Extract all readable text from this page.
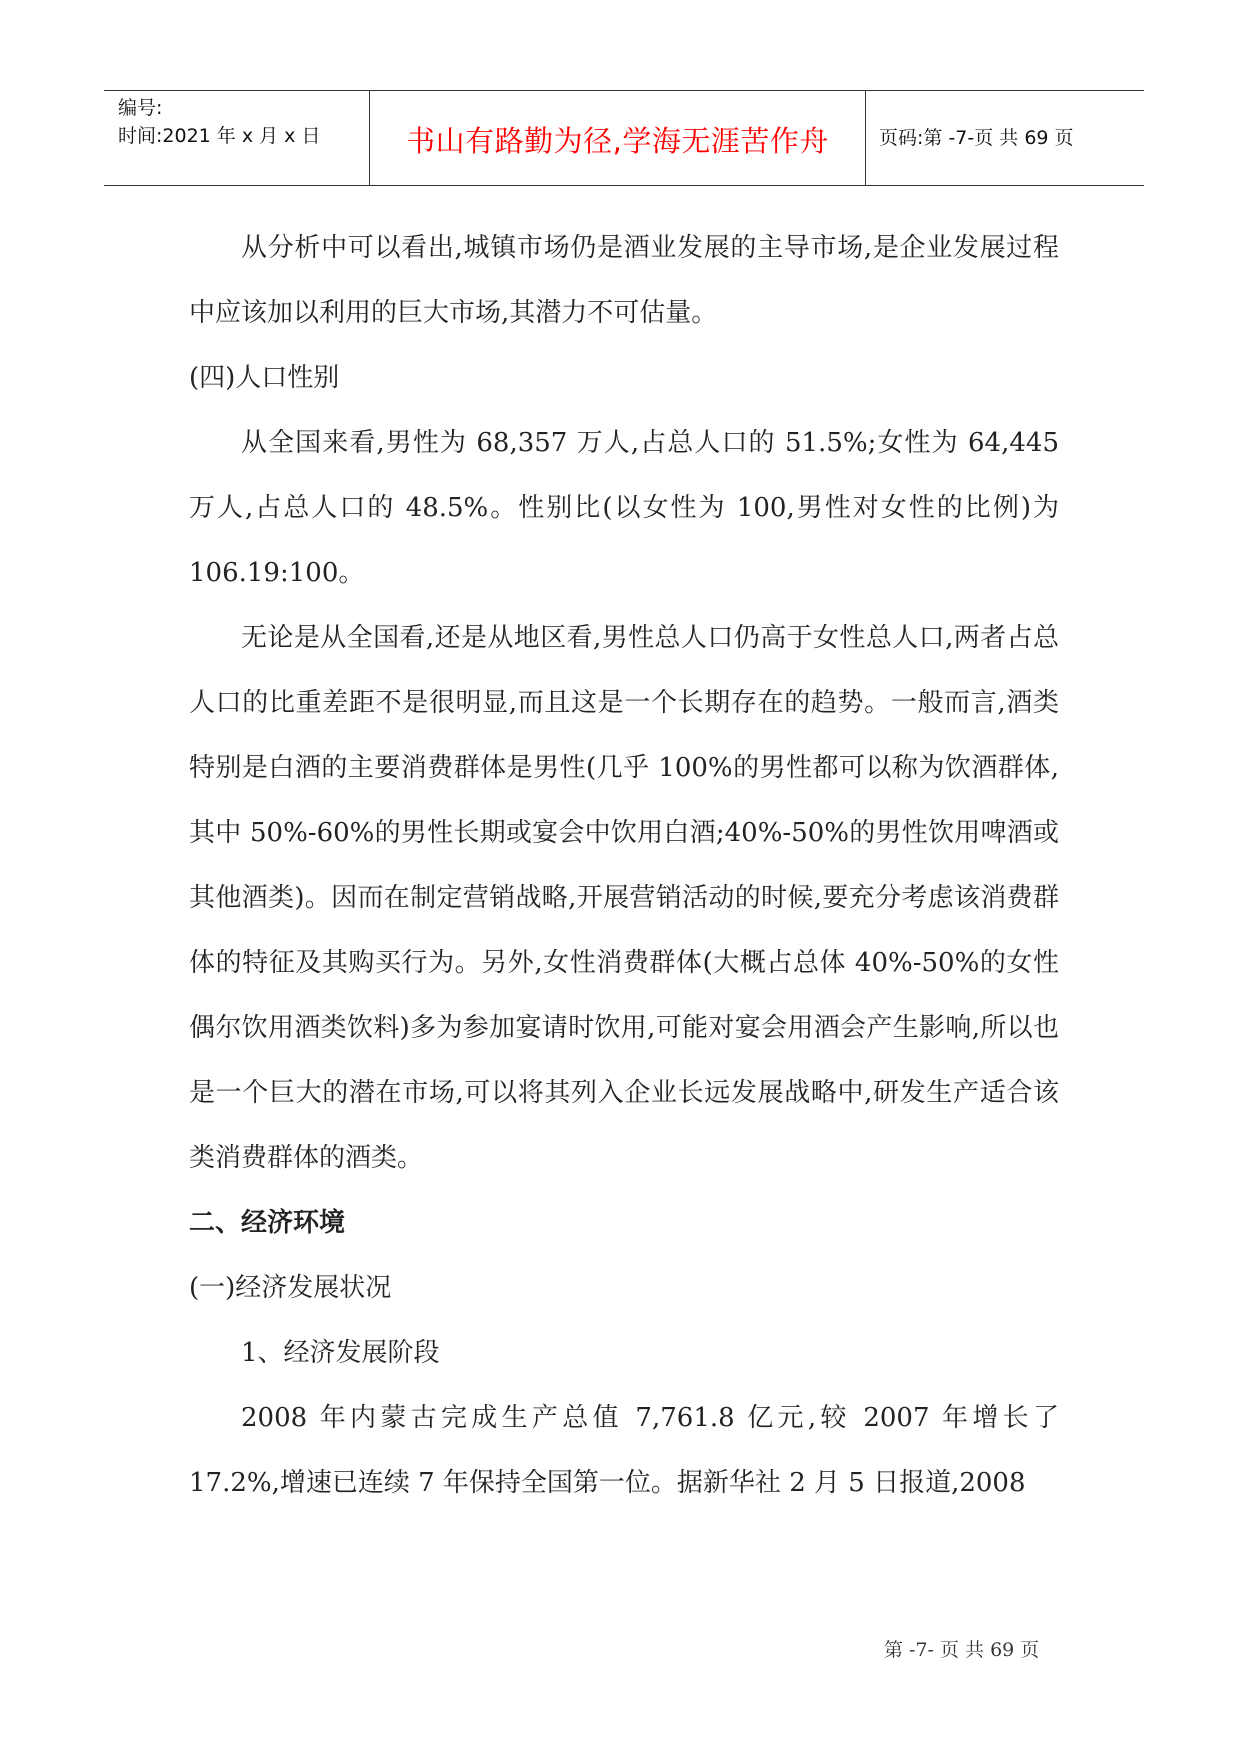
编号:
时间:2021 年 x 月 x 日	书山有路勤为径,学海无涯苦作舟	页码:第 -7-页 共 69 页

从分析中可以看出,城镇市场仍是酒业发展的主导市场,是企业发展过程中应该加以利用的巨大市场,其潜力不可估量。

(四)人口性别

从全国来看,男性为 68,357 万人,占总人口的 51.5%;女性为 64,445 万人,占总人口的 48.5%。性别比(以女性为 100,男性对女性的比例)为 106.19:100。

无论是从全国看,还是从地区看,男性总人口仍高于女性总人口,两者占总人口的比重差距不是很明显,而且这是一个长期存在的趋势。一般而言,酒类特别是白酒的主要消费群体是男性(几乎 100%的男性都可以称为饮酒群体,其中 50%-60%的男性长期或宴会中饮用白酒;40%-50%的男性饮用啤酒或其他酒类)。因而在制定营销战略,开展营销活动的时候,要充分考虑该消费群体的特征及其购买行为。另外,女性消费群体(大概占总体 40%-50%的女性偶尔饮用酒类饮料)多为参加宴请时饮用,可能对宴会用酒会产生影响,所以也是一个巨大的潜在市场,可以将其列入企业长远发展战略中,研发生产适合该类消费群体的酒类。

二、经济环境

(一)经济发展状况

1、经济发展阶段

2008 年内蒙古完成生产总值 7,761.8 亿元,较 2007 年增长了 17.2%,增速已连续 7 年保持全国第一位。据新华社 2 月 5 日报道,2008

第 -7- 页 共 69 页
